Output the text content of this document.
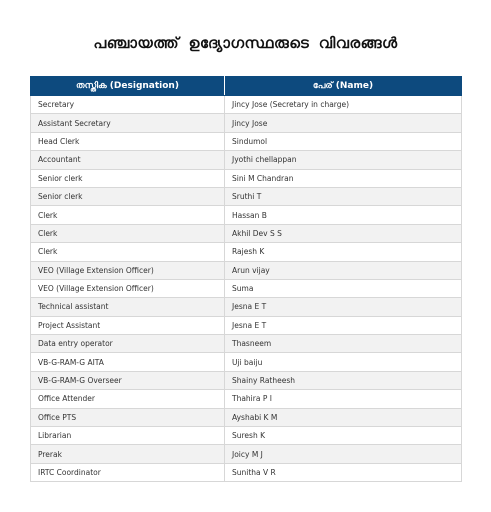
പഞ്ചായത്ത് ഉദ്യോഗസ്ഥരുടെ വിവരങ്ങൾ
തസ്തിക (Designation)	പേര് (Name)
Secretary	Jincy Jose (Secretary in charge)
Assistant Secretary	Jincy Jose
Head Clerk	Sindumol
Accountant	Jyothi chellappan
Senior clerk	Sini M Chandran
Senior clerk	Sruthi T
Clerk	Hassan B
Clerk	Akhil Dev S S
Clerk	Rajesh K
VEO (Village Extension Officer)	Arun vijay
VEO (Village Extension Officer)	Suma
Technical assistant	Jesna E T
Project Assistant	Jesna E T
Data entry operator	Thasneem
VB-G-RAM-G AITA	Uji baiju
VB-G-RAM-G Overseer	Shainy Ratheesh
Office Attender	Thahira P I
Office PTS	Ayshabi K M
Librarian	Suresh K
Prerak	Joicy M J
IRTC Coordinator	Sunitha V R
